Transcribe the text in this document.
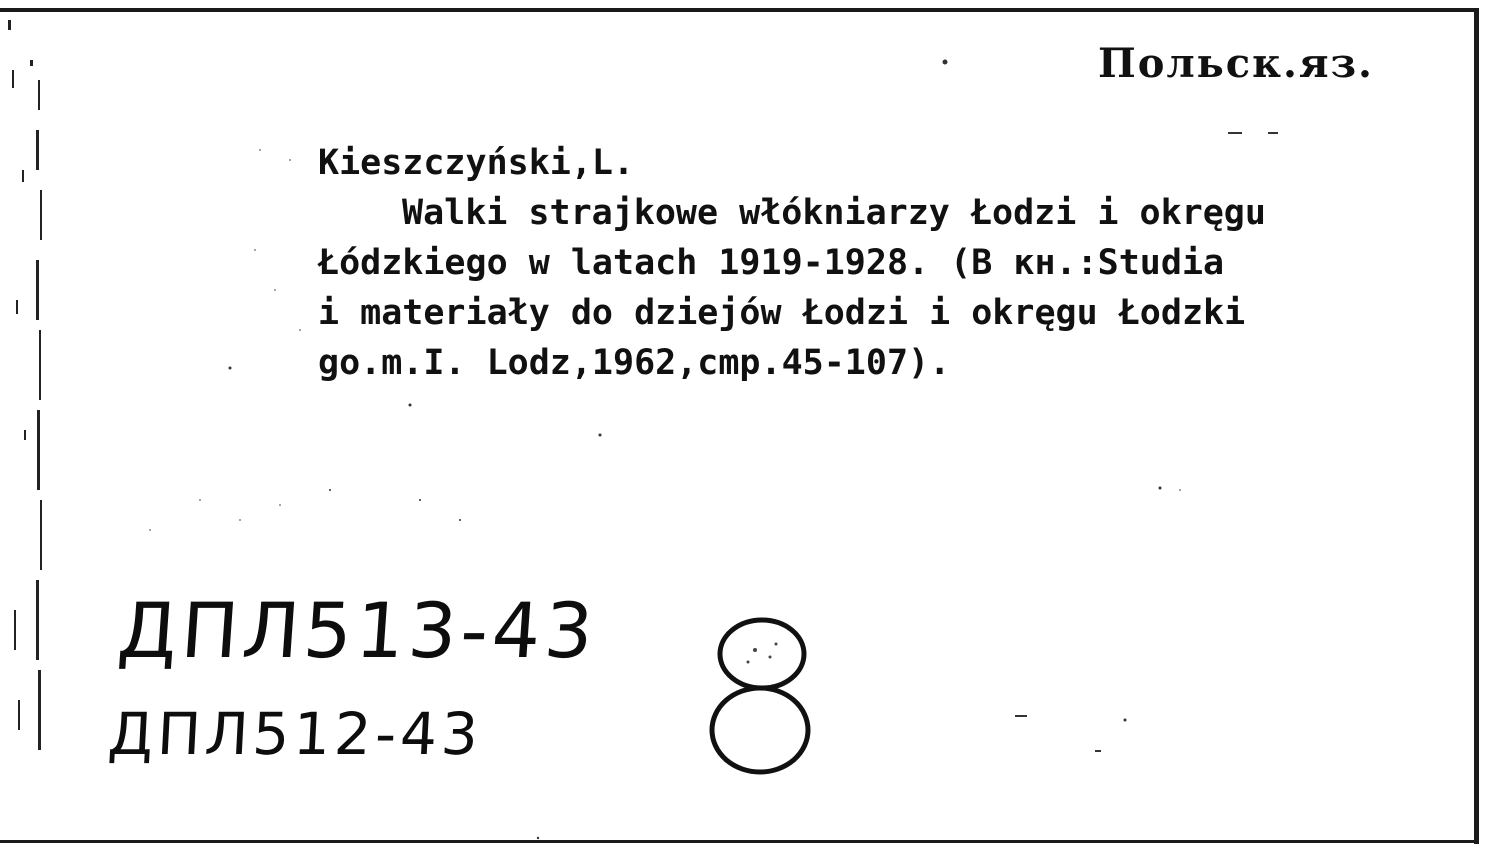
Польск.яз.
Kieszczyński,L.
Walki strajkowe włókniarzy Łodzi i okręgu
Łódzkiego w latach 1919-1928. (В кн.:Studia
i materiały do dziejów Łodzi i okręgu Łodzki
go.m.I. Lodz,1962,cmp.45-107).
ДПЛ513-43
ДПЛ512-43
